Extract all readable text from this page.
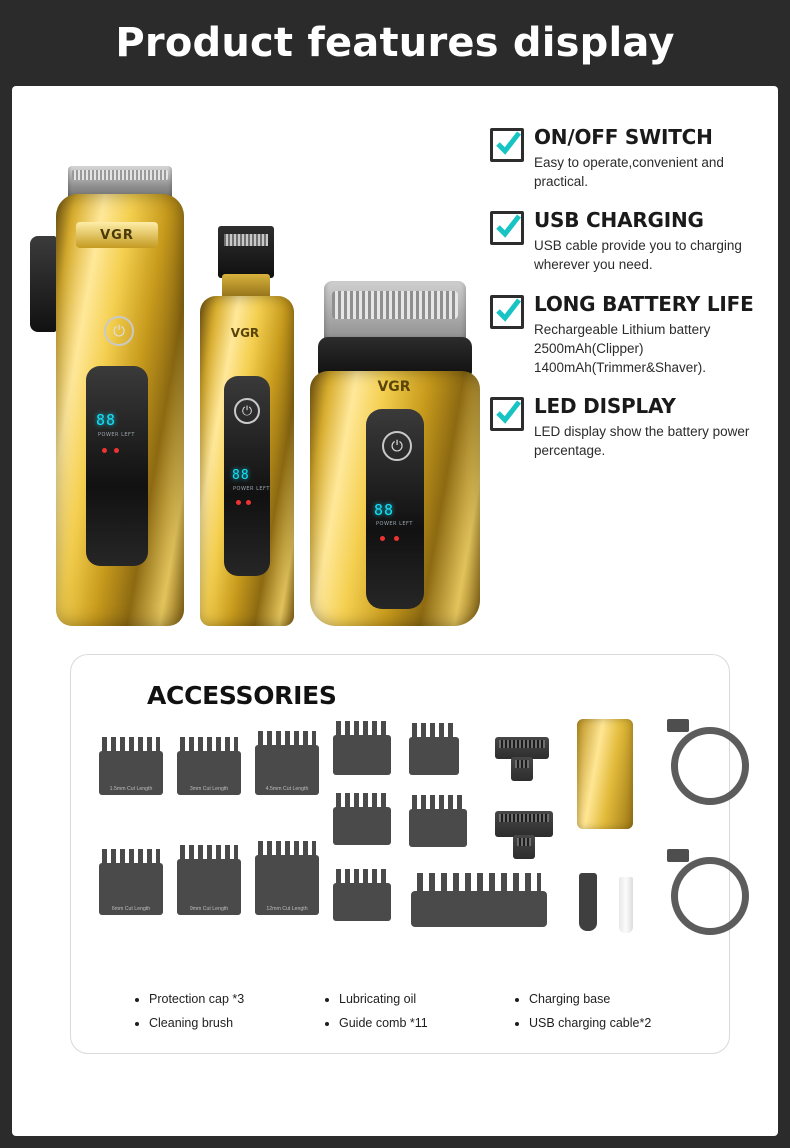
Product features display
VGR
⏻
88
POWER LEFT
VGR
⏻
88
POWER LEFT
VGR
⏻
88
POWER LEFT
ON/OFF SWITCH
Easy to operate,convenient and practical.
USB CHARGING
USB cable provide you to charging wherever you need.
LONG BATTERY LIFE
Rechargeable Lithium battery 2500mAh(Clipper) 1400mAh(Trimmer&Shaver).
LED DISPLAY
LED display show the battery power percentage.
ACCESSORIES
1.5mm Cut Length	3mm Cut Length	4.5mm Cut Length
6mm Cut Length	9mm Cut Length	12mm Cut Length
• Protection cap *3
• Cleaning brush
• Lubricating oil
• Guide comb *11
• Charging base
• USB charging cable*2
